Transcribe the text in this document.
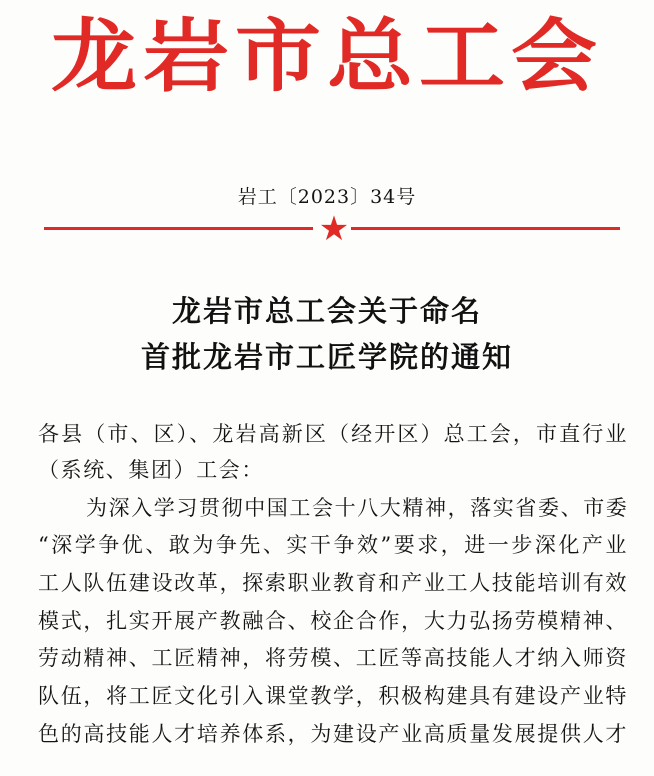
龙岩市总工会
岩工〔2023〕34号
★
龙岩市总工会关于命名
首批龙岩市工匠学院的通知
各县（市、区）、龙岩高新区（经开区）总工会，市直行业
（系统、集团）工会：
为深入学习贯彻中国工会十八大精神，落实省委、市委
“深学争优、敢为争先、实干争效”要求，进一步深化产业
工人队伍建设改革，探索职业教育和产业工人技能培训有效
模式，扎实开展产教融合、校企合作，大力弘扬劳模精神、
劳动精神、工匠精神，将劳模、工匠等高技能人才纳入师资
队伍，将工匠文化引入课堂教学，积极构建具有建设产业特
色的高技能人才培养体系，为建设产业高质量发展提供人才
